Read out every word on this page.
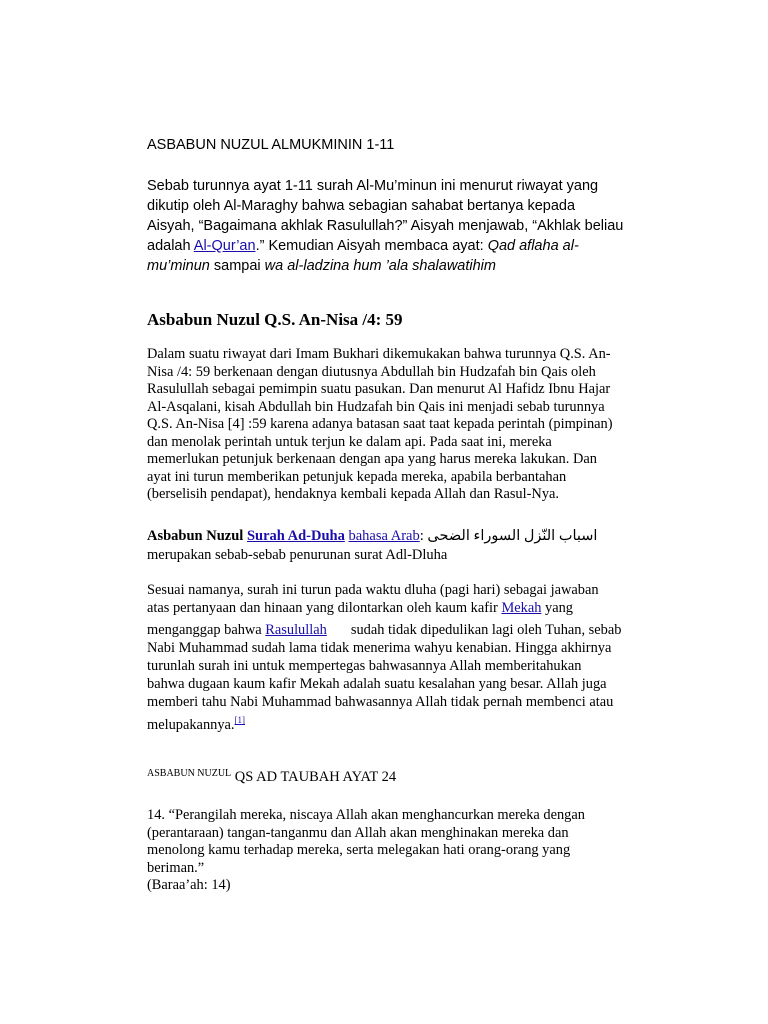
ASBABUN NUZUL ALMUKMININ 1-11
Sebab turunnya ayat 1-11 surah Al-Mu’minun ini menurut riwayat yang
dikutip oleh Al-Maraghy bahwa sebagian sahabat bertanya kepada
Aisyah, “Bagaimana akhlak Rasulullah?” Aisyah menjawab, “Akhlak beliau
adalah Al-Qur’an.” Kemudian Aisyah membaca ayat: Qad aflaha al-
mu’minun sampai wa al-ladzina hum ’ala shalawatihim
Asbabun Nuzul Q.S. An-Nisa /4: 59
Dalam suatu riwayat dari Imam Bukhari dikemukakan bahwa turunnya Q.S. An-
Nisa /4: 59 berkenaan dengan diutusnya Abdullah bin Hudzafah bin Qais oleh
Rasulullah sebagai pemimpin suatu pasukan. Dan menurut Al Hafidz Ibnu Hajar
Al-Asqalani, kisah Abdullah bin Hudzafah bin Qais ini menjadi sebab turunnya
Q.S. An-Nisa [4] :59 karena adanya batasan saat taat kepada perintah (pimpinan)
dan menolak perintah untuk terjun ke dalam api. Pada saat ini, mereka
memerlukan petunjuk berkenaan dengan apa yang harus mereka lakukan. Dan
ayat ini turun memberikan petunjuk kepada mereka, apabila berbantahan
(berselisih pendapat), hendaknya kembali kepada Allah dan Rasul-Nya.
Asbabun Nuzul Surah Ad-Duha bahasa Arab: اسباب النّزل السوراء الضحى
merupakan sebab-sebab penurunan surat Adl-Dluha
Sesuai namanya, surah ini turun pada waktu dluha (pagi hari) sebagai jawaban
atas pertanyaan dan hinaan yang dilontarkan oleh kaum kafir Mekah yang
menganggap bahwa Rasulullah sudah tidak dipedulikan lagi oleh Tuhan, sebab
Nabi Muhammad sudah lama tidak menerima wahyu kenabian. Hingga akhirnya
turunlah surah ini untuk mempertegas bahwasannya Allah memberitahukan
bahwa dugaan kaum kafir Mekah adalah suatu kesalahan yang besar. Allah juga
memberi tahu Nabi Muhammad bahwasannya Allah tidak pernah membenci atau
melupakannya.[1]
$^{ASBABUN NUZUL}$ QS AD TAUBAH AYAT 24
14. “Perangilah mereka, niscaya Allah akan menghancurkan mereka dengan
(perantaraan) tangan-tanganmu dan Allah akan menghinakan mereka dan
menolong kamu terhadap mereka, serta melegakan hati orang-orang yang
beriman.”
(Baraa’ah: 14)
